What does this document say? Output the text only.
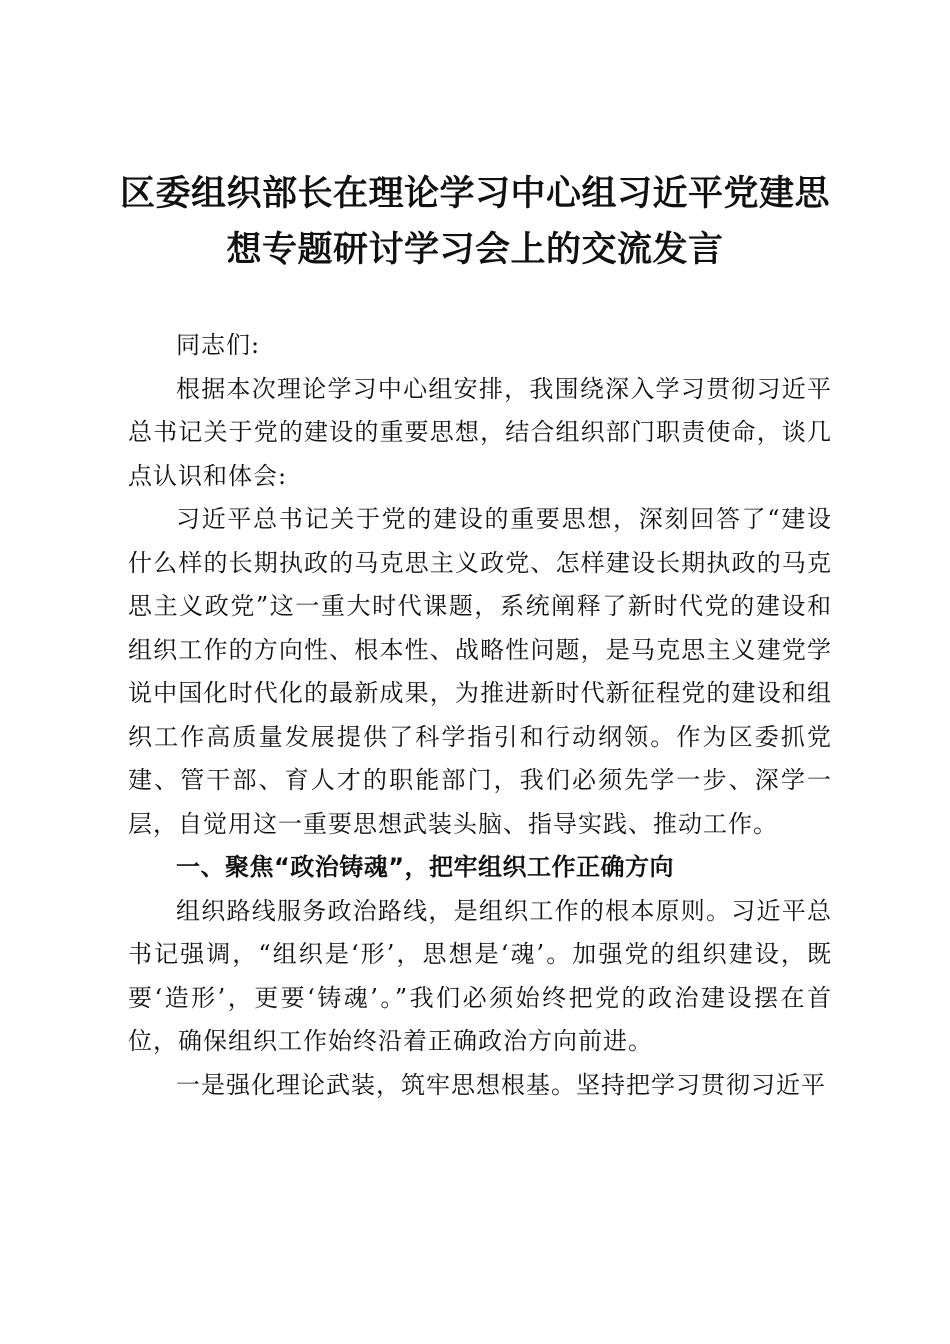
区委组织部长在理论学习中心组习近平党建思
想专题研讨学习会上的交流发言

同志们:

根据本次理论学习中心组安排，我围绕深入学习贯彻习近平总书记关于党的建设的重要思想，结合组织部门职责使命，谈几点认识和体会:

习近平总书记关于党的建设的重要思想，深刻回答了“建设什么样的长期执政的马克思主义政党、怎样建设长期执政的马克思主义政党”这一重大时代课题，系统阐释了新时代党的建设和组织工作的方向性、根本性、战略性问题，是马克思主义建党学说中国化时代化的最新成果，为推进新时代新征程党的建设和组织工作高质量发展提供了科学指引和行动纲领。作为区委抓党建、管干部、育人才的职能部门，我们必须先学一步、深学一层，自觉用这一重要思想武装头脑、指导实践、推动工作。

一、聚焦“政治铸魂”，把牢组织工作正确方向

组织路线服务政治路线，是组织工作的根本原则。习近平总书记强调，“组织是‘形’，思想是‘魂’。加强党的组织建设，既要‘造形’，更要‘铸魂’。”我们必须始终把党的政治建设摆在首位，确保组织工作始终沿着正确政治方向前进。

一是强化理论武装，筑牢思想根基。坚持把学习贯彻习近平
